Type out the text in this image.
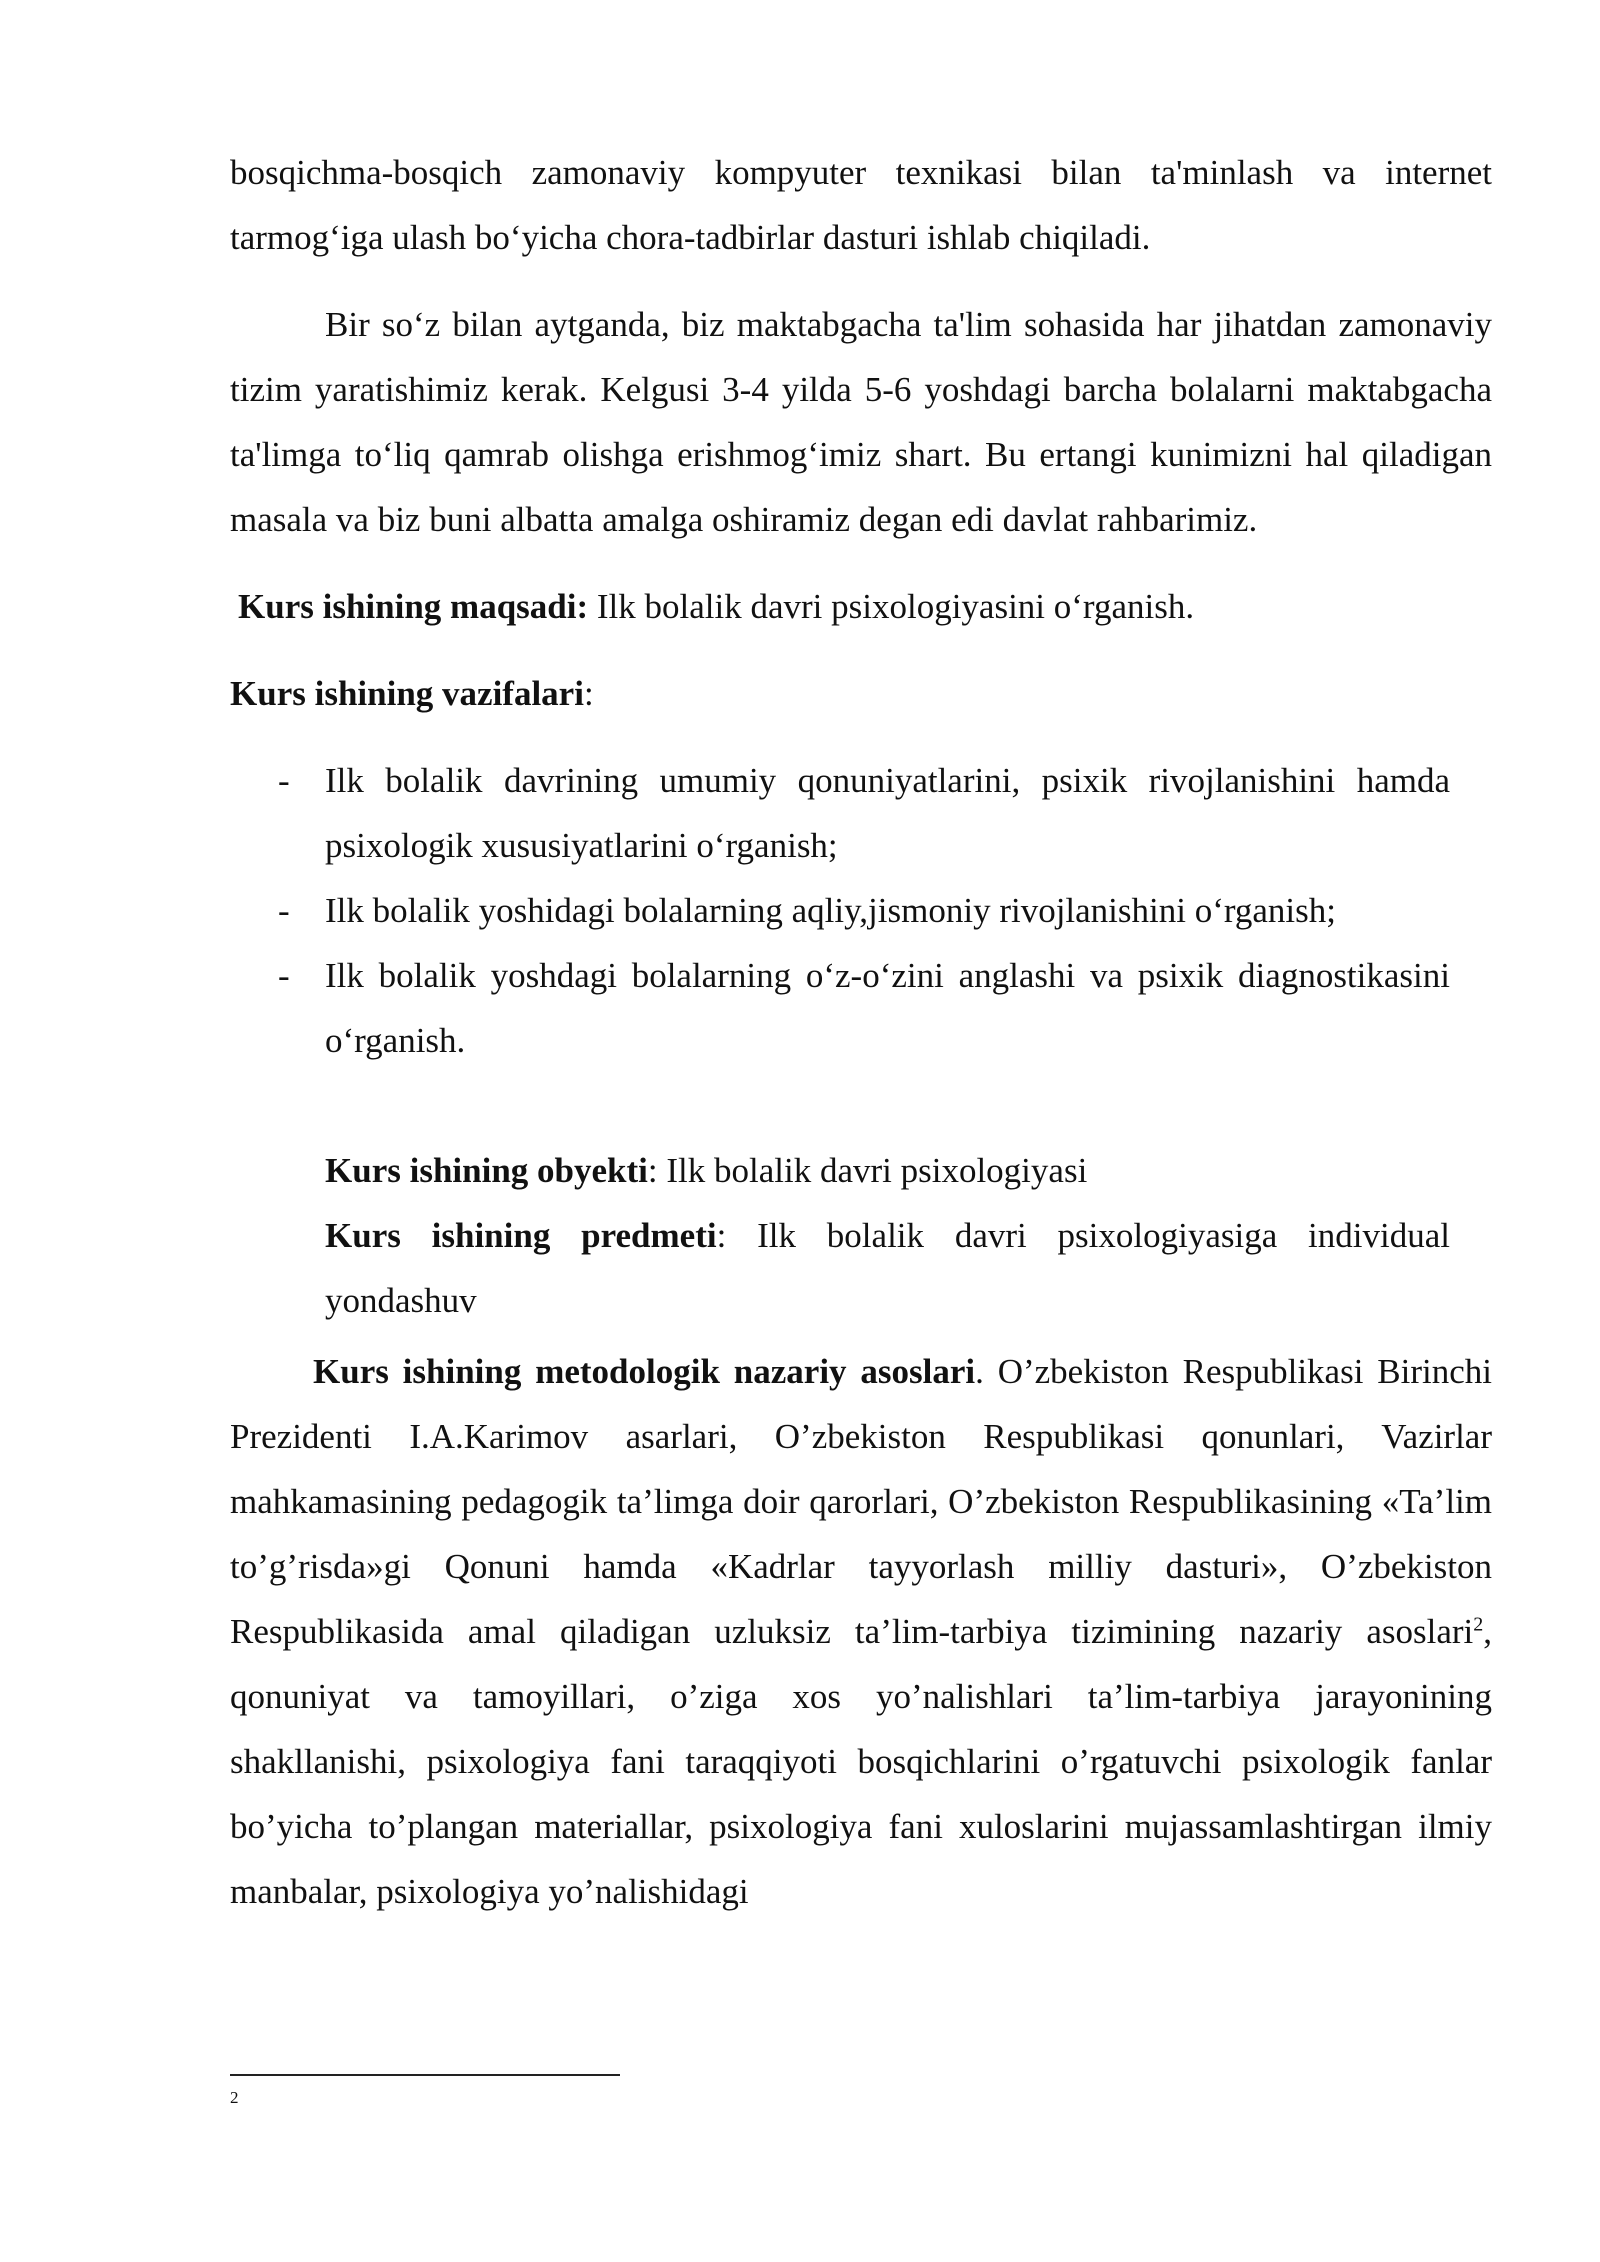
bosqichma-bosqich zamonaviy kompyuter texnikasi bilan ta'minlash va internet

tarmog‘iga ulash bo‘yicha chora-tadbirlar dasturi ishlab chiqiladi.

Bir so‘z bilan aytganda, biz maktabgacha ta'lim sohasida har jihatdan zamonaviy tizim yaratishimiz kerak. Kelgusi 3-4 yilda 5-6 yoshdagi barcha bolalarni maktabgacha ta'limga to‘liq qamrab olishga erishmog‘imiz shart. Bu ertangi kunimizni hal qiladigan masala va biz buni albatta amalga oshiramiz degan edi davlat rahbarimiz.

Kurs ishining maqsadi: Ilk bolalik davri psixologiyasini o‘rganish.

Kurs ishining vazifalari:

- Ilk bolalik davrining umumiy qonuniyatlarini, psixik rivojlanishini hamda psixologik xususiyatlarini o‘rganish;
- Ilk bolalik yoshidagi bolalarning aqliy,jismoniy rivojlanishini o‘rganish;
- Ilk bolalik yoshdagi bolalarning o‘z-o‘zini anglashi va psixik diagnostikasini o‘rganish.

Kurs ishining obyekti: Ilk bolalik davri psixologiyasi

Kurs ishining predmeti: Ilk bolalik davri psixologiyasiga individual yondashuv

Kurs ishining metodologik nazariy asoslari. O’zbekiston Respublikasi Birinchi Prezidenti I.A.Karimov asarlari, O’zbekiston Respublikasi qonunlari, Vazirlar mahkamasining pedagogik ta’limga doir qarorlari, O’zbekiston Respublikasining «Ta’lim to’g’risda»gi Qonuni hamda «Kadrlar tayyorlash milliy dasturi», O’zbekiston Respublikasida amal qiladigan uzluksiz ta’lim-tarbiya tizimining nazariy asoslari$^2$, qonuniyat va tamoyillari, o’ziga xos yo’nalishlari ta’lim-tarbiya jarayonining shakllanishi, psixologiya fani taraqqiyoti bosqichlarini o’rgatuvchi psixologik fanlar bo’yicha to’plangan materiallar, psixologiya fani xuloslarini mujassamlashtirgan ilmiy manbalar, psixologiya yo’nalishidagi

2
